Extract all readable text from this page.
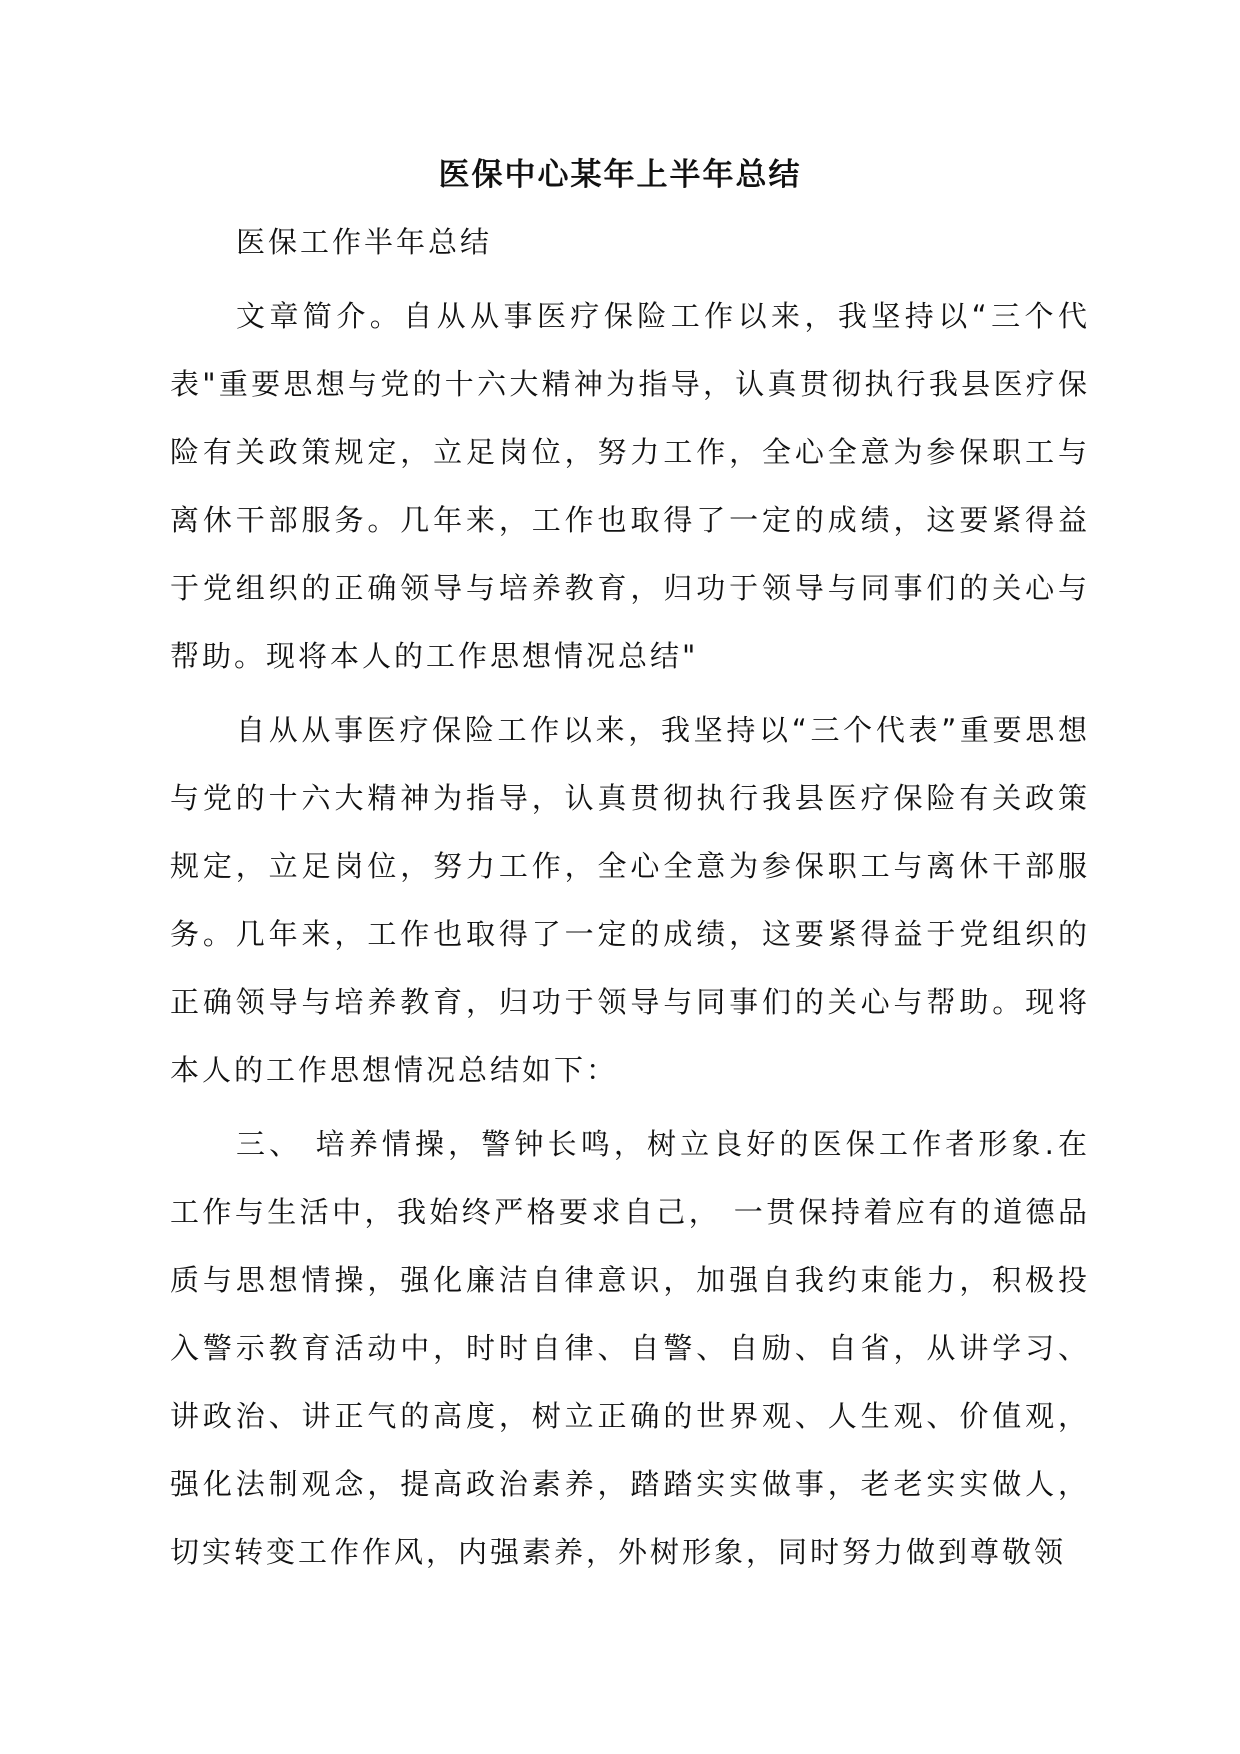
医保中心某年上半年总结

医保工作半年总结

文章简介。自从从事医疗保险工作以来，我坚持以“三个代表"重要思想与党的十六大精神为指导，认真贯彻执行我县医疗保险有关政策规定，立足岗位，努力工作，全心全意为参保职工与离休干部服务。几年来，工作也取得了一定的成绩，这要紧得益于党组织的正确领导与培养教育，归功于领导与同事们的关心与帮助。现将本人的工作思想情况总结"

自从从事医疗保险工作以来，我坚持以“三个代表”重要思想与党的十六大精神为指导，认真贯彻执行我县医疗保险有关政策规定，立足岗位，努力工作，全心全意为参保职工与离休干部服务。几年来，工作也取得了一定的成绩，这要紧得益于党组织的正确领导与培养教育，归功于领导与同事们的关心与帮助。现将本人的工作思想情况总结如下：

三、 培养情操，警钟长鸣，树立良好的医保工作者形象.在工作与生活中，我始终严格要求自己， 一贯保持着应有的道德品质与思想情操，强化廉洁自律意识，加强自我约束能力，积极投入警示教育活动中，时时自律、自警、自励、自省，从讲学习、讲政治、讲正气的高度，树立正确的世界观、人生观、价值观，强化法制观念，提高政治素养，踏踏实实做事，老老实实做人，切实转变工作作风，内强素养，外树形象，同时努力做到尊敬领
